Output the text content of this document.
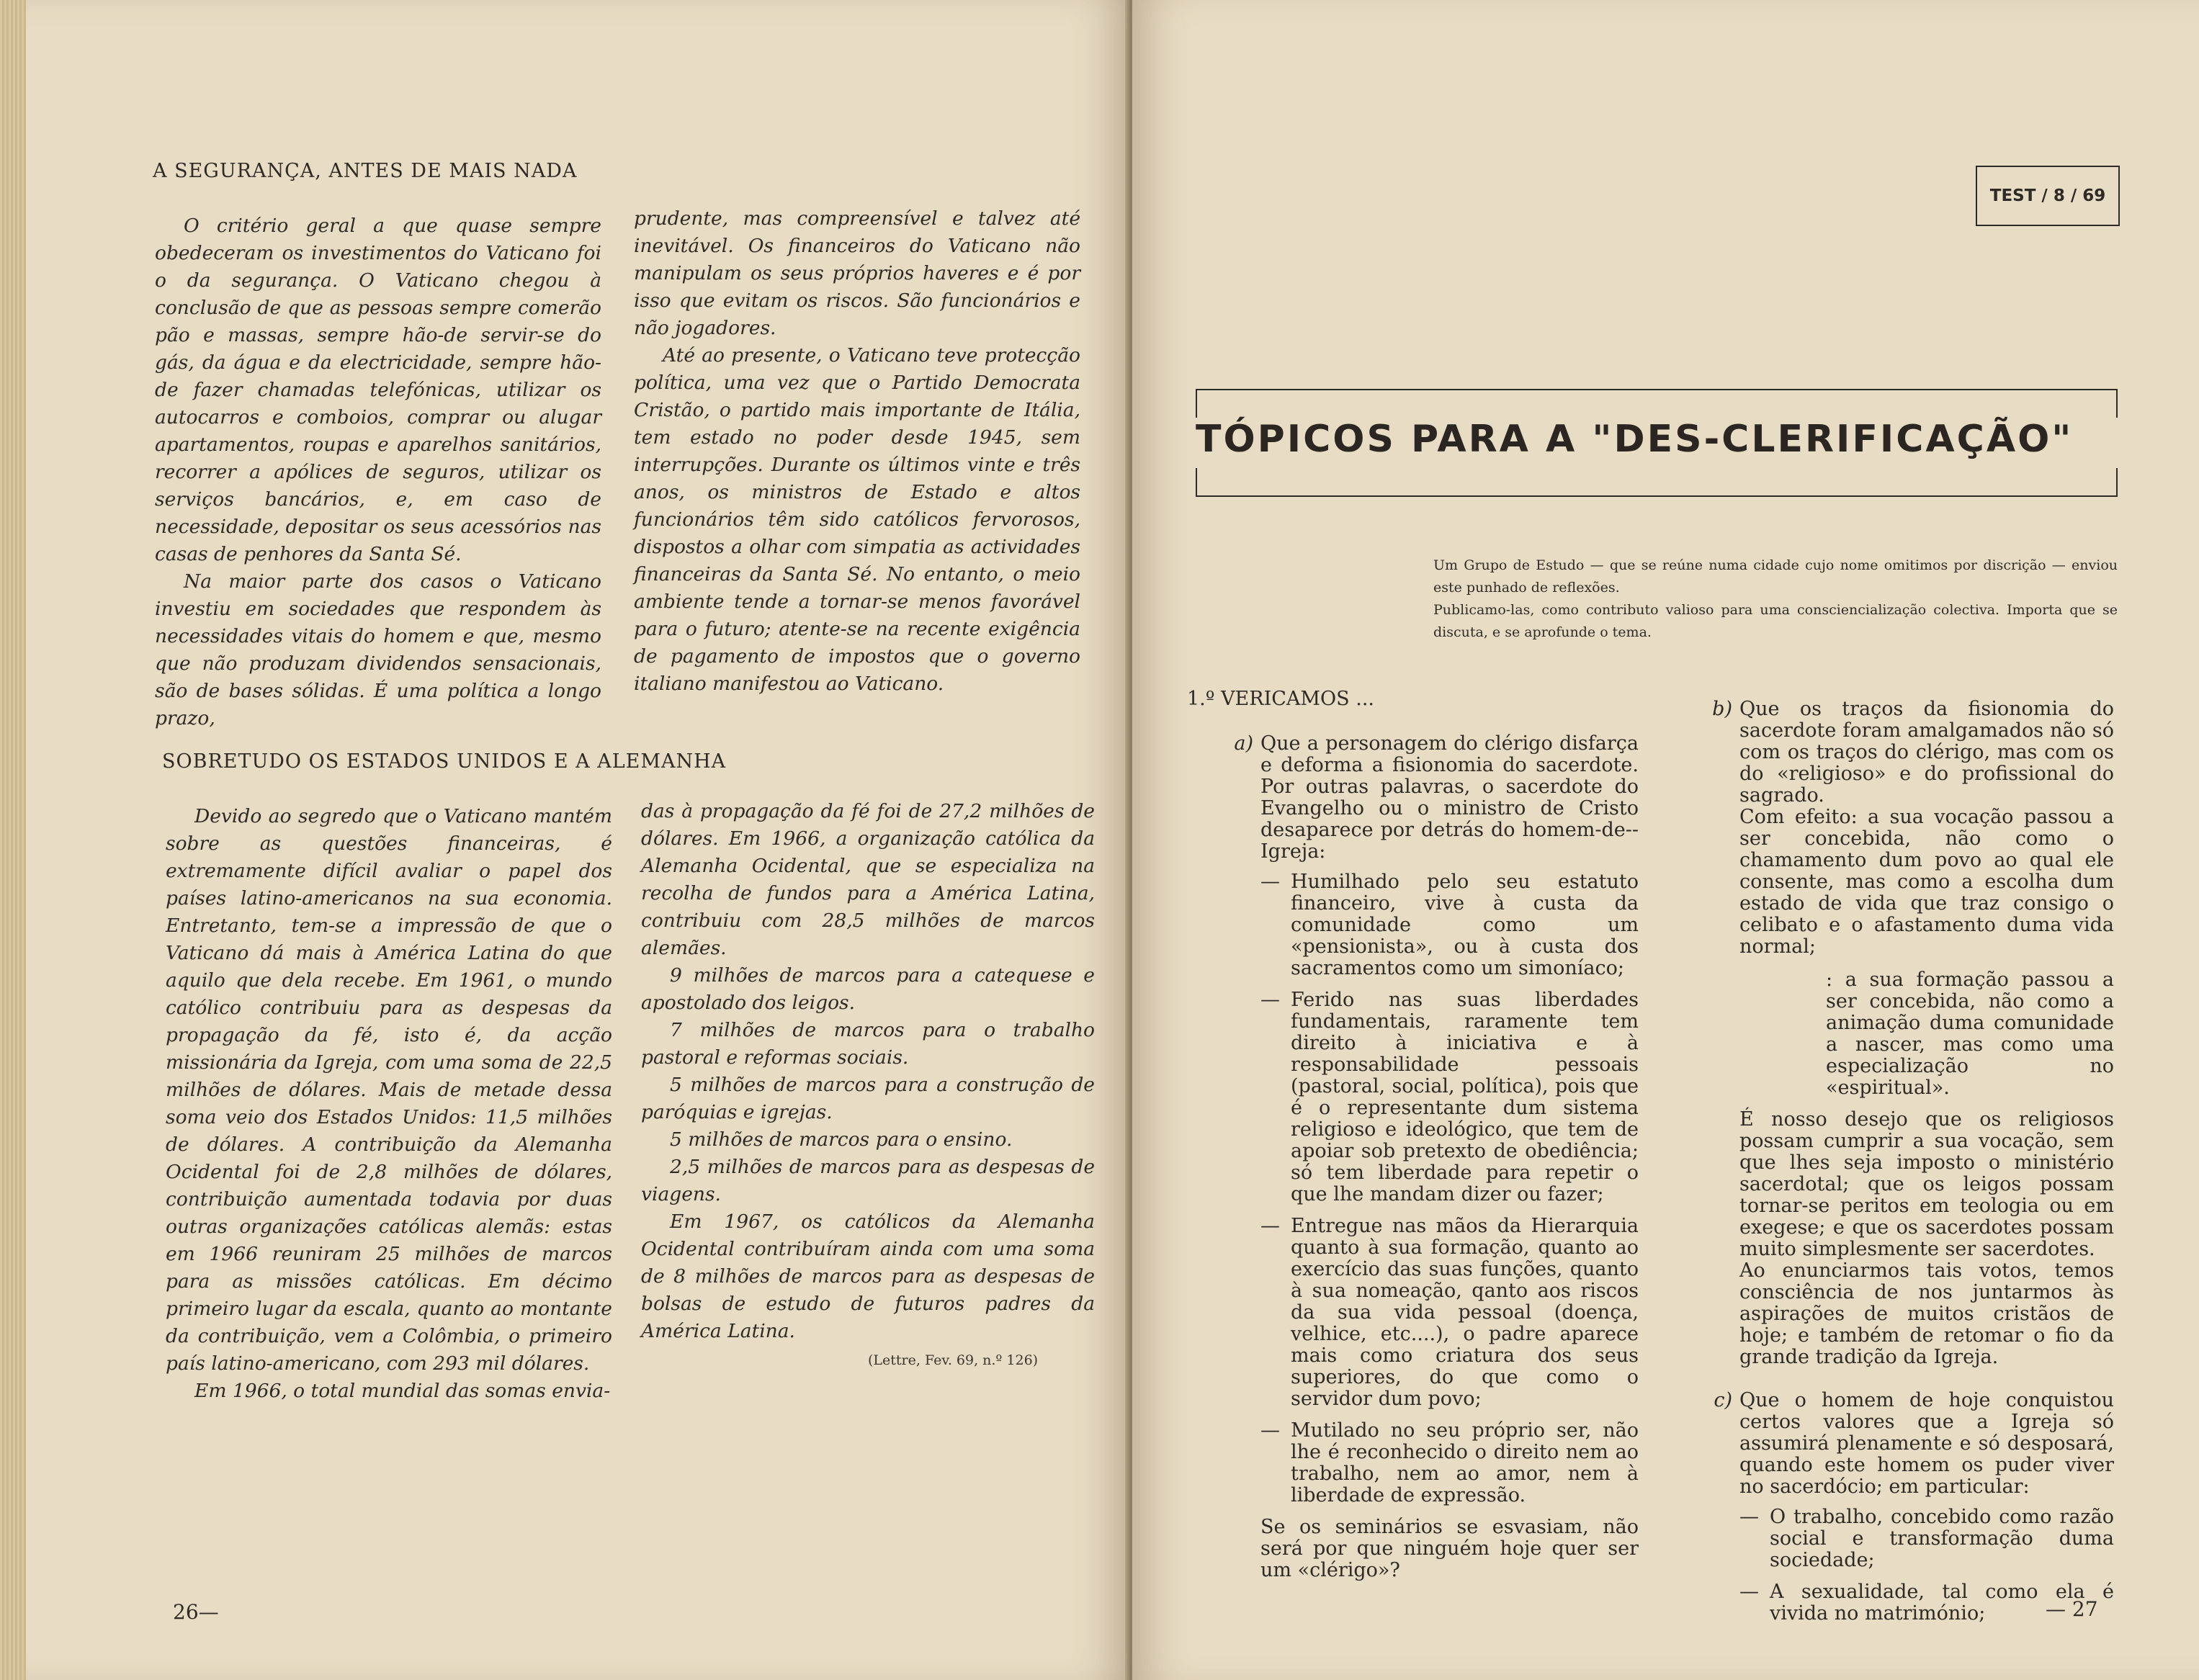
A SEGURANÇA, ANTES DE MAIS NADA

O critério geral a que quase sempre obedeceram os investimentos do Vaticano foi o da segurança. O Vaticano chegou à conclusão de que as pessoas sempre comerão pão e massas, sempre hão-de servir-se do gás, da água e da electricidade, sempre hão-de fazer chamadas telefónicas, utilizar os autocarros e comboios, comprar ou alugar apartamentos, roupas e aparelhos sanitários, recorrer a apólices de seguros, utilizar os serviços bancários, e, em caso de necessidade, depositar os seus acessórios nas casas de penhores da Santa Sé.

Na maior parte dos casos o Vaticano investiu em sociedades que respondem às necessidades vitais do homem e que, mesmo que não produzam dividendos sensacionais, são de bases sólidas. É uma política a longo prazo,

prudente, mas compreensível e talvez até inevitável. Os financeiros do Vaticano não manipulam os seus próprios haveres e é por isso que evitam os riscos. São funcionários e não jogadores.

Até ao presente, o Vaticano teve protecção política, uma vez que o Partido Democrata Cristão, o partido mais importante de Itália, tem estado no poder desde 1945, sem interrupções. Durante os últimos vinte e três anos, os ministros de Estado e altos funcionários têm sido católicos fervorosos, dispostos a olhar com simpatia as actividades financeiras da Santa Sé. No entanto, o meio ambiente tende a tornar-se menos favorável para o futuro; atente-se na recente exigência de pagamento de impostos que o governo italiano manifestou ao Vaticano.

SOBRETUDO OS ESTADOS UNIDOS E A ALEMANHA

Devido ao segredo que o Vaticano mantém sobre as questões financeiras, é extremamente difícil avaliar o papel dos países latino-americanos na sua economia. Entretanto, tem-se a impressão de que o Vaticano dá mais à América Latina do que aquilo que dela recebe. Em 1961, o mundo católico contribuiu para as despesas da propagação da fé, isto é, da acção missionária da Igreja, com uma soma de 22,5 milhões de dólares. Mais de metade dessa soma veio dos Estados Unidos: 11,5 milhões de dólares. A contribuição da Alemanha Ocidental foi de 2,8 milhões de dólares, contribuição aumentada todavia por duas outras organizações católicas alemãs: estas em 1966 reuniram 25 milhões de marcos para as missões católicas. Em décimo primeiro lugar da escala, quanto ao montante da contribuição, vem a Colômbia, o primeiro país latino-americano, com 293 mil dólares.

Em 1966, o total mundial das somas envia-

das à propagação da fé foi de 27,2 milhões de dólares. Em 1966, a organização católica da Alemanha Ocidental, que se especializa na recolha de fundos para a América Latina, contribuiu com 28,5 milhões de marcos alemães.

9 milhões de marcos para a catequese e apostolado dos leigos.

7 milhões de marcos para o trabalho pastoral e reformas sociais.

5 milhões de marcos para a construção de paróquias e igrejas.

5 milhões de marcos para o ensino.

2,5 milhões de marcos para as despesas de viagens.

Em 1967, os católicos da Alemanha Ocidental contribuíram ainda com uma soma de 8 milhões de marcos para as despesas de bolsas de estudo de futuros padres da América Latina.

(Lettre, Fev. 69, n.º 126)
26—
TEST / 8 / 69
TÓPICOS PARA A "DES-CLERIFICAÇÃO"

Um Grupo de Estudo — que se reúne numa cidade cujo nome omitimos por discrição — enviou este punhado de reflexões.

Publicamo-las, como contributo valioso para uma consciencialização colectiva. Importa que se discuta, e se aprofunde o tema.

1.º VERICAMOS ...
a) Que a personagem do clérigo disfarça e deforma a fisionomia do sacerdote. Por outras palavras, o sacerdote do Evangelho ou o ministro de Cristo desaparece por detrás do homem-de--Igreja:

— Humilhado pelo seu estatuto financeiro, vive à custa da comunidade como um «pensionista», ou à custa dos sacramentos como um simoníaco;
— Ferido nas suas liberdades fundamentais, raramente tem direito à iniciativa e à responsabilidade pessoais (pastoral, social, política), pois que é o representante dum sistema religioso e ideológico, que tem de apoiar sob pretexto de obediência; só tem liberdade para repetir o que lhe mandam dizer ou fazer;
— Entregue nas mãos da Hierarquia quanto à sua formação, quanto ao exercício das suas funções, quanto à sua nomeação, qanto aos riscos da sua vida pessoal (doença, velhice, etc....), o padre aparece mais como criatura dos seus superiores, do que como o servidor dum povo;
— Mutilado no seu próprio ser, não lhe é reconhecido o direito nem ao trabalho, nem ao amor, nem à liberdade de expressão.

Se os seminários se esvasiam, não será por que ninguém hoje quer ser um «clérigo»?

b) Que os traços da fisionomia do sacerdote foram amalgamados não só com os traços do clérigo, mas com os do «religioso» e do profissional do sagrado.

Com efeito: a sua vocação passou a ser concebida, não como o chamamento dum povo ao qual ele consente, mas como a escolha dum estado de vida que traz consigo o celibato e o afastamento duma vida normal;

: a sua formação passou a ser concebida, não como a animação duma comunidade a nascer, mas como uma especialização no «espiritual».

É nosso desejo que os religiosos possam cumprir a sua vocação, sem que lhes seja imposto o ministério sacerdotal; que os leigos possam tornar-se peritos em teologia ou em exegese; e que os sacerdotes possam muito simplesmente ser sacerdotes.

Ao enunciarmos tais votos, temos consciência de nos juntarmos às aspirações de muitos cristãos de hoje; e também de retomar o fio da grande tradição da Igreja.

c) Que o homem de hoje conquistou certos valores que a Igreja só assumirá plenamente e só desposará, quando este homem os puder viver no sacerdócio; em particular:

— O trabalho, concebido como razão social e transformação duma sociedade;
— A sexualidade, tal como ela é vivida no matrimónio;	— 27
